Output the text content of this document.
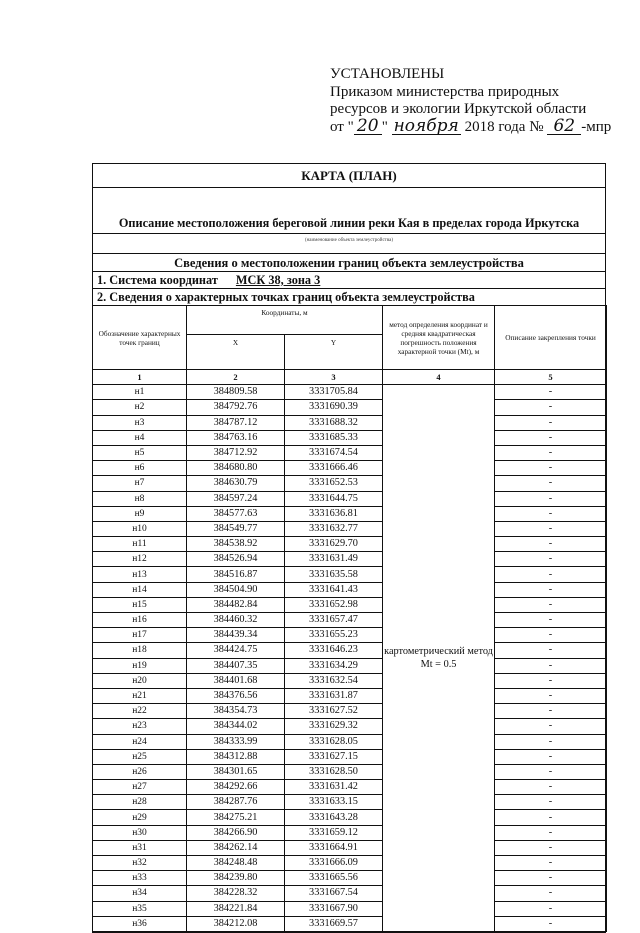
УСТАНОВЛЕНЫ
Приказом министерства природных
ресурсов и экологии Иркутской области
от " 20 " ноября 2018 года № 62 -мпр
КАРТА (ПЛАН)
Описание местоположения береговой линии реки Кая в пределах города Иркутска
(наименование объекта землеустройства)
Сведения о местоположении границ объекта землеустройства
1. Система координат МСК 38, зона 3
2. Сведения о характерных точках границ объекта землеустройства
Обозначение характерных точек границ	Координаты, м		метод определения координат и средняя квадратическая погрешность положения характерной точки (Mt), м	Описание закрепления точки
	X	Y		
1	2	3	4	5
н1	384809.58	3331705.84	картометрический метод Mt = 0.5	-
н2	384792.76	3331690.39		-
н3	384787.12	3331688.32		-
н4	384763.16	3331685.33		-
н5	384712.92	3331674.54		-
н6	384680.80	3331666.46		-
н7	384630.79	3331652.53		-
н8	384597.24	3331644.75		-
н9	384577.63	3331636.81		-
н10	384549.77	3331632.77		-
н11	384538.92	3331629.70		-
н12	384526.94	3331631.49		-
н13	384516.87	3331635.58		-
н14	384504.90	3331641.43		-
н15	384482.84	3331652.98		-
н16	384460.32	3331657.47		-
н17	384439.34	3331655.23		-
н18	384424.75	3331646.23		-
н19	384407.35	3331634.29		-
н20	384401.68	3331632.54		-
н21	384376.56	3331631.87		-
н22	384354.73	3331627.52		-
н23	384344.02	3331629.32		-
н24	384333.99	3331628.05		-
н25	384312.88	3331627.15		-
н26	384301.65	3331628.50		-
н27	384292.66	3331631.42		-
н28	384287.76	3331633.15		-
н29	384275.21	3331643.28		-
н30	384266.90	3331659.12		-
н31	384262.14	3331664.91		-
н32	384248.48	3331666.09		-
н33	384239.80	3331665.56		-
н34	384228.32	3331667.54		-
н35	384221.84	3331667.90		-
н36	384212.08	3331669.57		-
